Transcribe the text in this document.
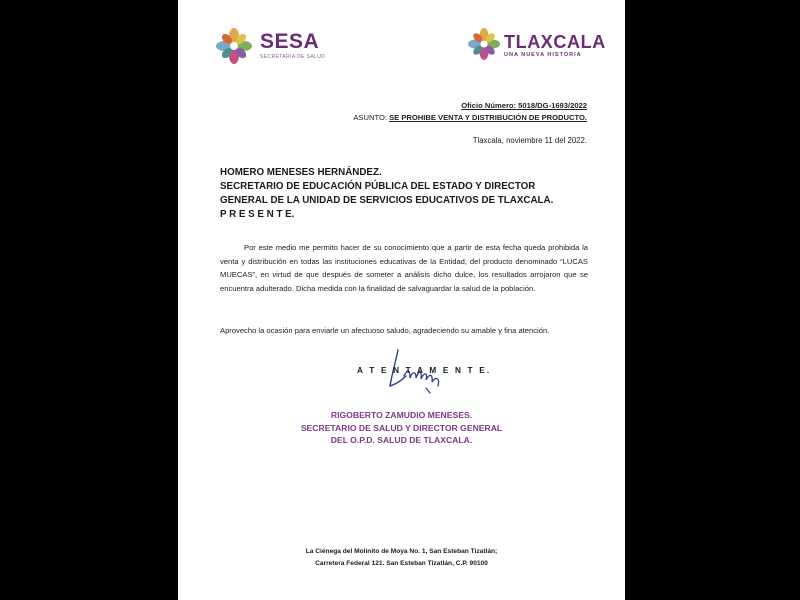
SESA
SECRETARÍA DE SALUD
TLAXCALA
UNA NUEVA HISTORIA
Oficio Número: 5018/DG-1693/2022
ASUNTO: SE PROHIBE VENTA Y DISTRIBUCIÓN DE PRODUCTO.
Tlaxcala, noviembre 11 del 2022.
HOMERO MENESES HERNÁNDEZ.
SECRETARIO DE EDUCACIÓN PÚBLICA DEL ESTADO Y DIRECTOR
GENERAL DE LA UNIDAD DE SERVICIOS EDUCATIVOS DE TLAXCALA.
P R E S E N T E.
Por este medio me permito hacer de su conocimiento que a partir de esta fecha queda prohibida la venta y distribución en todas las instituciones educativas de la Entidad, del producto denominado “LUCAS MUECAS”, en virtud de que después de someter a análisis dicho dulce, los resultados arrojaron que se encuentra adulterado. Dicha medida con la finalidad de salvaguardar la salud de la población.
Aprovecho la ocasión para enviarle un afectuoso saludo, agradeciendo su amable y fina atención.
A T E N T A M E N T E.
RIGOBERTO ZAMUDIO MENESES.
SECRETARIO DE SALUD Y DIRECTOR GENERAL
DEL O.P.D. SALUD DE TLAXCALA.
La Ciénega del Molinito de Moya No. 1, San Esteban Tizatlán;
Carretera Federal 121. San Esteban Tizatlán, C.P. 90100
